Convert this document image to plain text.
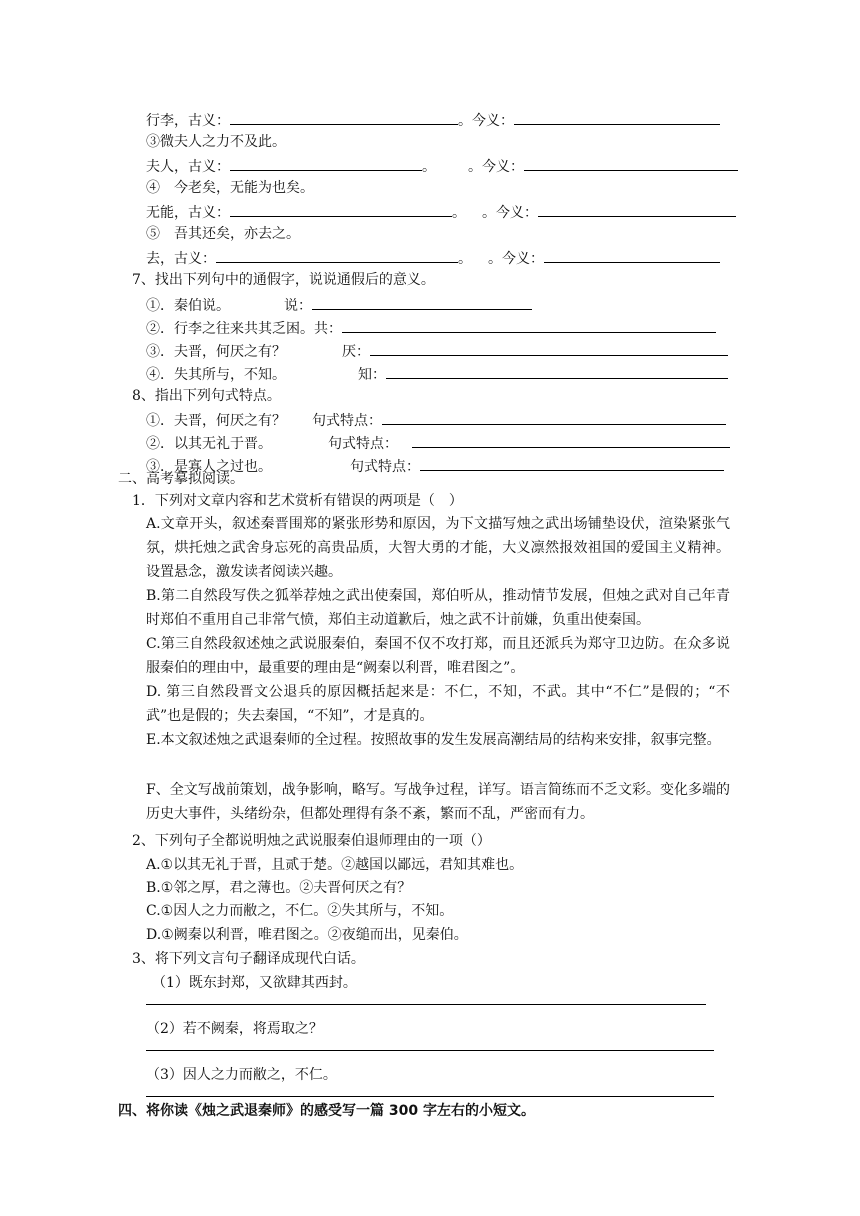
行李，古义：	。今义：
③微夫人之力不及此。
夫人，古义：	。 。今义：
④　今老矣，无能为也矣。
无能，古义：	。 。今义：
⑤　吾其还矣，亦去之。
去，古义：	。 。今义：
7、找出下列句中的通假字，说说通假后的意义。
①．秦伯说。	说：
②．行李之往来共其乏困。共：
③．夫晋，何厌之有？	厌：
④．失其所与，不知。	知：
8、指出下列句式特点。
①．夫晋，何厌之有？ 句式特点：
②．以其无礼于晋。	句式特点：
③．是寡人之过也。	句式特点：
二、高考摹拟阅读。
1．下列对文章内容和艺术赏析有错误的两项是（　）
A.文章开头，叙述秦晋围郑的紧张形势和原因，为下文描写烛之武出场铺垫设伏，渲染紧张气氛，烘托烛之武舍身忘死的高贵品质，大智大勇的才能，大义凛然报效祖国的爱国主义精神。设置悬念，激发读者阅读兴趣。
B.第二自然段写佚之狐举荐烛之武出使秦国，郑伯听从，推动情节发展，但烛之武对自己年青时郑伯不重用自己非常气愤，郑伯主动道歉后，烛之武不计前嫌，负重出使秦国。
C.第三自然段叙述烛之武说服秦伯，秦国不仅不攻打郑，而且还派兵为郑守卫边防。在众多说服秦伯的理由中，最重要的理由是“阙秦以利晋，唯君图之”。
D. 第三自然段晋文公退兵的原因概括起来是：不仁，不知，不武。其中“不仁”是假的；“不武”也是假的；失去秦国，“不知”，才是真的。
E.本文叙述烛之武退秦师的全过程。按照故事的发生发展高潮结局的结构来安排，叙事完整。
F、全文写战前策划，战争影响，略写。写战争过程，详写。语言简练而不乏文彩。变化多端的历史大事件，头绪纷杂，但都处理得有条不紊，繁而不乱，严密而有力。
2、下列句子全都说明烛之武说服秦伯退师理由的一项（）
A.①以其无礼于晋，且贰于楚。②越国以鄙远，君知其难也。
B.①邻之厚，君之薄也。②夫晋何厌之有？
C.①因人之力而敝之，不仁。②失其所与，不知。
D.①阙秦以利晋，唯君图之。②夜缒而出，见秦伯。
3、将下列文言句子翻译成现代白话。
（1）既东封郑，又欲肆其西封。
（2）若不阙秦，将焉取之？
（3）因人之力而敝之，不仁。
四、将你读《烛之武退秦师》的感受写一篇 300 字左右的小短文。
